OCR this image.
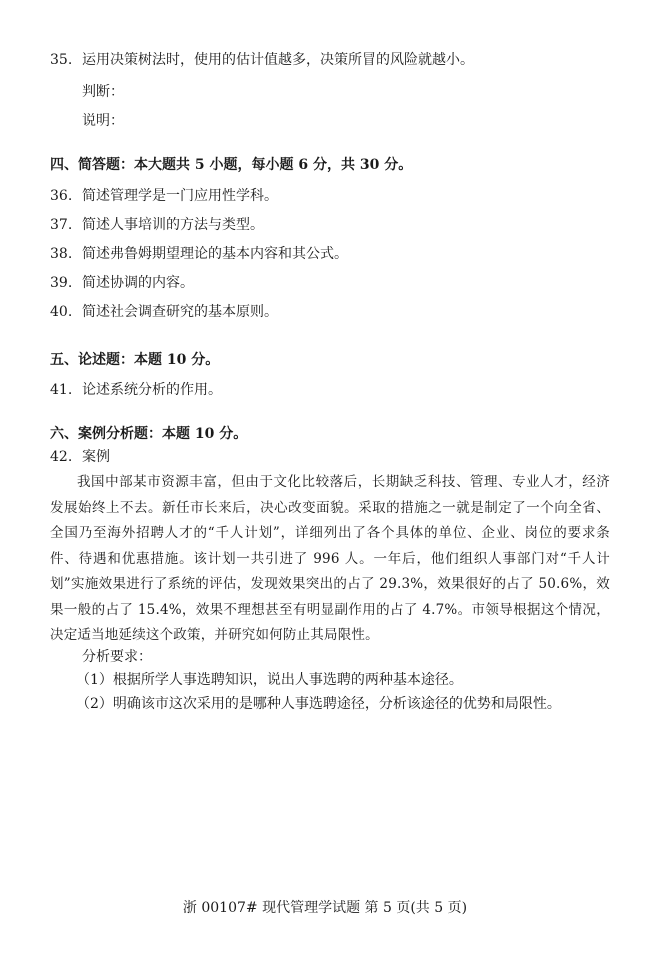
35. 运用决策树法时，使用的估计值越多，决策所冒的风险就越小。
判断：
说明：
四、简答题：本大题共 5 小题，每小题 6 分，共 30 分。
36. 简述管理学是一门应用性学科。
37. 简述人事培训的方法与类型。
38. 简述弗鲁姆期望理论的基本内容和其公式。
39. 简述协调的内容。
40. 简述社会调查研究的基本原则。
五、论述题：本题 10 分。
41. 论述系统分析的作用。
六、案例分析题：本题 10 分。
42. 案例
我国中部某市资源丰富，但由于文化比较落后，长期缺乏科技、管理、专业人才，经济发展始终上不去。新任市长来后，决心改变面貌。采取的措施之一就是制定了一个向全省、全国乃至海外招聘人才的“千人计划”，详细列出了各个具体的单位、企业、岗位的要求条件、待遇和优惠措施。该计划一共引进了 996 人。一年后，他们组织人事部门对“千人计划”实施效果进行了系统的评估，发现效果突出的占了 29.3%，效果很好的占了 50.6%，效果一般的占了 15.4%，效果不理想甚至有明显副作用的占了 4.7%。市领导根据这个情况，决定适当地延续这个政策，并研究如何防止其局限性。
分析要求：
（1）根据所学人事选聘知识，说出人事选聘的两种基本途径。
（2）明确该市这次采用的是哪种人事选聘途径，分析该途径的优势和局限性。
浙 00107# 现代管理学试题 第 5 页(共 5 页)
